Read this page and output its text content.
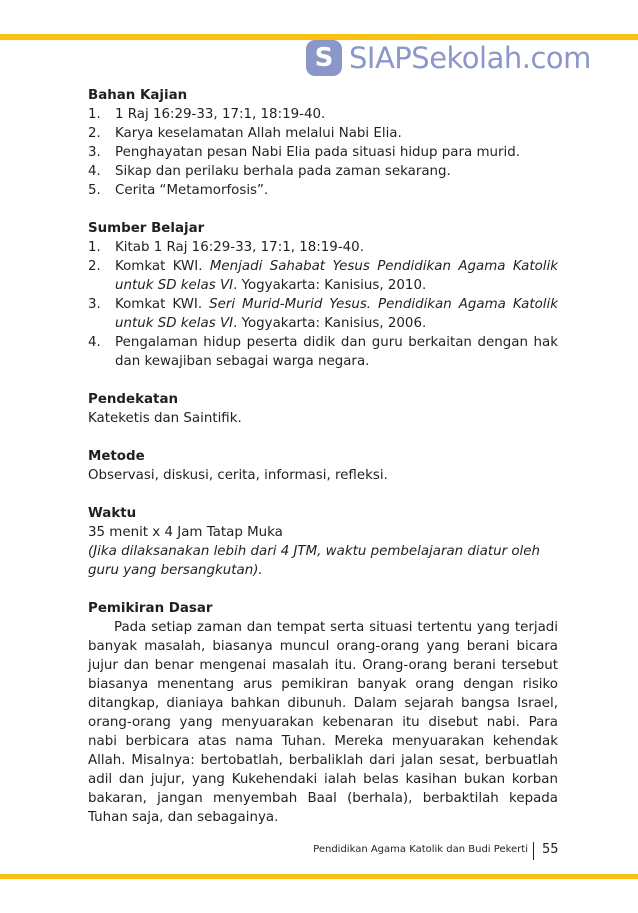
S SIAPSekolah.com
Bahan Kajian
1. 1 Raj 16:29-33, 17:1, 18:19-40.
2. Karya keselamatan Allah melalui Nabi Elia.
3. Penghayatan pesan Nabi Elia pada situasi hidup para murid.
4. Sikap dan perilaku berhala pada zaman sekarang.
5. Cerita “Metamorfosis”.
Sumber Belajar
1. Kitab 1 Raj 16:29-33, 17:1, 18:19-40.
2. Komkat KWI. Menjadi Sahabat Yesus Pendidikan Agama Katolik untuk SD kelas VI. Yogyakarta: Kanisius, 2010.
3. Komkat KWI. Seri Murid-Murid Yesus. Pendidikan Agama Katolik untuk SD kelas VI. Yogyakarta: Kanisius, 2006.
4. Pengalaman hidup peserta didik dan guru berkaitan dengan hak dan kewajiban sebagai warga negara.
Pendekatan
Kateketis dan Saintifik.
Metode
Observasi, diskusi, cerita, informasi, refleksi.
Waktu
35 menit x 4 Jam Tatap Muka
(Jika dilaksanakan lebih dari 4 JTM, waktu pembelajaran diatur oleh guru yang bersangkutan).
Pemikiran Dasar

Pada setiap zaman dan tempat serta situasi tertentu yang terjadi banyak masalah, biasanya muncul orang-orang yang berani bicara jujur dan benar mengenai masalah itu. Orang-orang berani tersebut biasanya menentang arus pemikiran banyak orang dengan risiko ditangkap, dianiaya bahkan dibunuh. Dalam sejarah bangsa Israel, orang-orang yang menyuarakan kebenaran itu disebut nabi. Para nabi berbicara atas nama Tuhan. Mereka menyuarakan kehendak Allah. Misalnya: bertobatlah, berbaliklah dari jalan sesat, berbuatlah adil dan jujur, yang Kukehendaki ialah belas kasihan bukan korban bakaran, jangan menyembah Baal (berhala), berbaktilah kepada Tuhan saja, dan sebagainya.

Pendidikan Agama Katolik dan Budi Pekerti 55
